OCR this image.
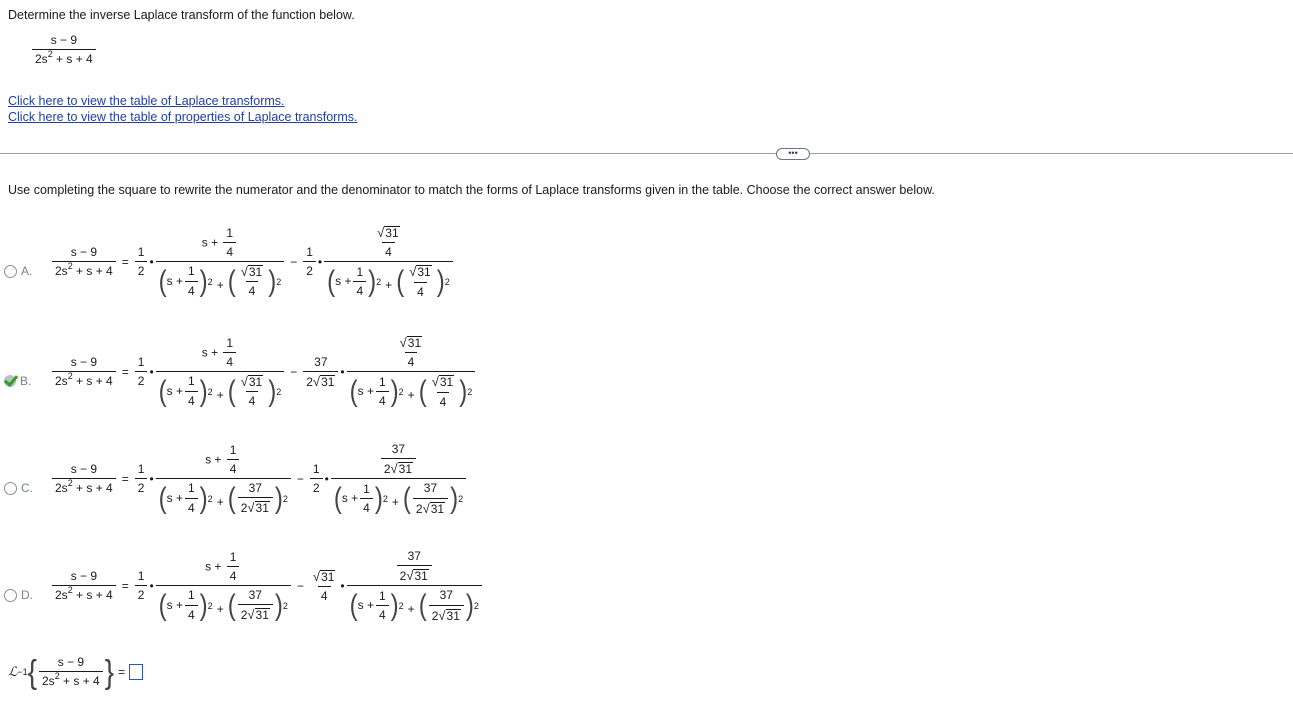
Determine the inverse Laplace transform of the function below.
$\frac{s - 9}{2s^2 + s + 4}$
Click here to view the table of Laplace transforms.
Click here to view the table of properties of Laplace transforms.
•••
Use completing the square to rewrite the numerator and the denominator to match the forms of Laplace transforms given in the table. Choose the correct answer below.
A. $\frac{s - 9}{2s^2 + s + 4} = \frac{1}{2}$ • $\frac{s + \frac{1}{4}}{( s + \frac{1}{4} ) 2 + ( \frac{√ 31}{4} ) 2} - \frac{1}{2}$ • $\frac{\frac{√ 31}{4}}{( s + \frac{1}{4} ) 2 + ( \frac{√ 31}{4} ) 2}$
B. $\frac{s - 9}{2s^2 + s + 4} = \frac{1}{2}$ • $\frac{s + \frac{1}{4}}{( s + \frac{1}{4} ) 2 + ( \frac{√ 31}{4} ) 2} - \frac{37}{2 √ 31}$ • $\frac{\frac{√ 31}{4}}{( s + \frac{1}{4} ) 2 + ( \frac{√ 31}{4} ) 2}$
C. $\frac{s - 9}{2s^2 + s + 4} = \frac{1}{2}$ • $\frac{s + \frac{1}{4}}{( s + \frac{1}{4} ) 2 + ( \frac{37}{2 √ 31} ) 2} - \frac{1}{2}$ • $\frac{\frac{37}{2 √ 31}}{( s + \frac{1}{4} ) 2 + ( \frac{37}{2 √ 31} ) 2}$
D. $\frac{s - 9}{2s^2 + s + 4} = \frac{1}{2}$ • $\frac{s + \frac{1}{4}}{( s + \frac{1}{4} ) 2 + ( \frac{37}{2 √ 31} ) 2} - \frac{√ 31}{4}$ • $\frac{\frac{37}{2 √ 31}}{( s + \frac{1}{4} ) 2 + ( \frac{37}{2 √ 31} ) 2}$
ℒ −1 { $\frac{s - 9}{2s^2 + s + 4}$ } =
